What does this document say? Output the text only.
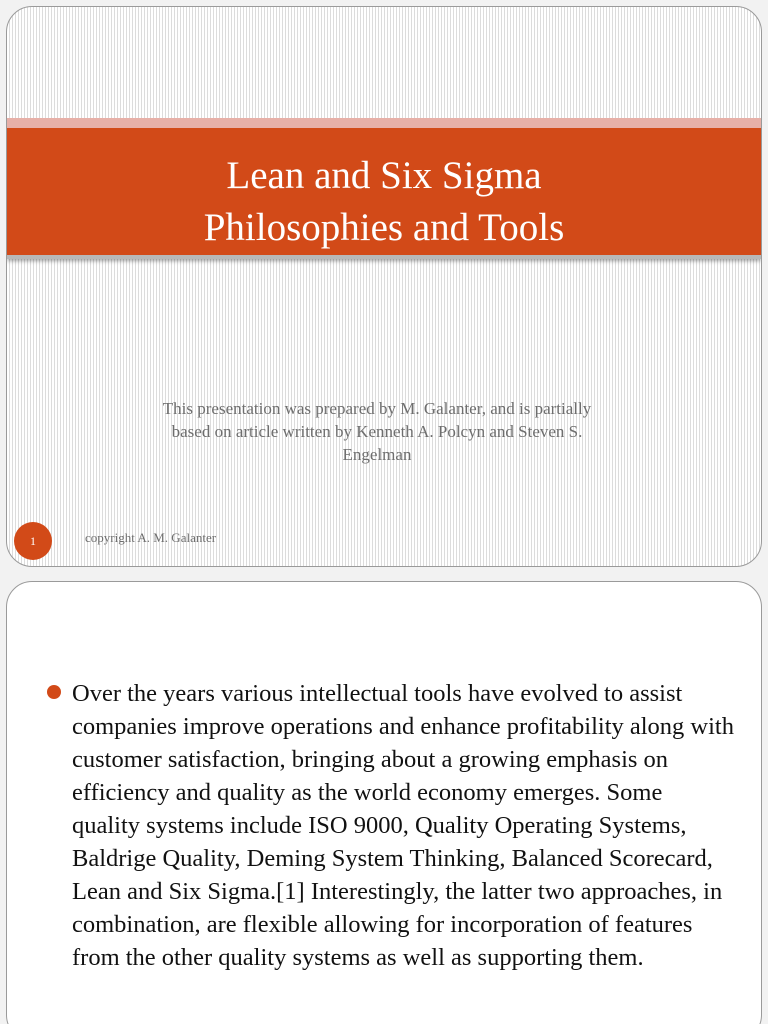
Lean and Six Sigma
Philosophies and Tools

This presentation was prepared by M. Galanter, and is partially
based on article written by Kenneth A. Polcyn and Steven S.
Engelman

1	copyright A. M. Galanter

Over the years various intellectual tools have evolved to assist companies improve operations and enhance profitability along with customer satisfaction, bringing about a growing emphasis on efficiency and quality as the world economy emerges. Some quality systems include ISO 9000, Quality Operating Systems, Baldrige Quality, Deming System Thinking, Balanced Scorecard, Lean and Six Sigma.[1] Interestingly, the latter two approaches, in combination, are flexible allowing for incorporation of features from the other quality systems as well as supporting them.
